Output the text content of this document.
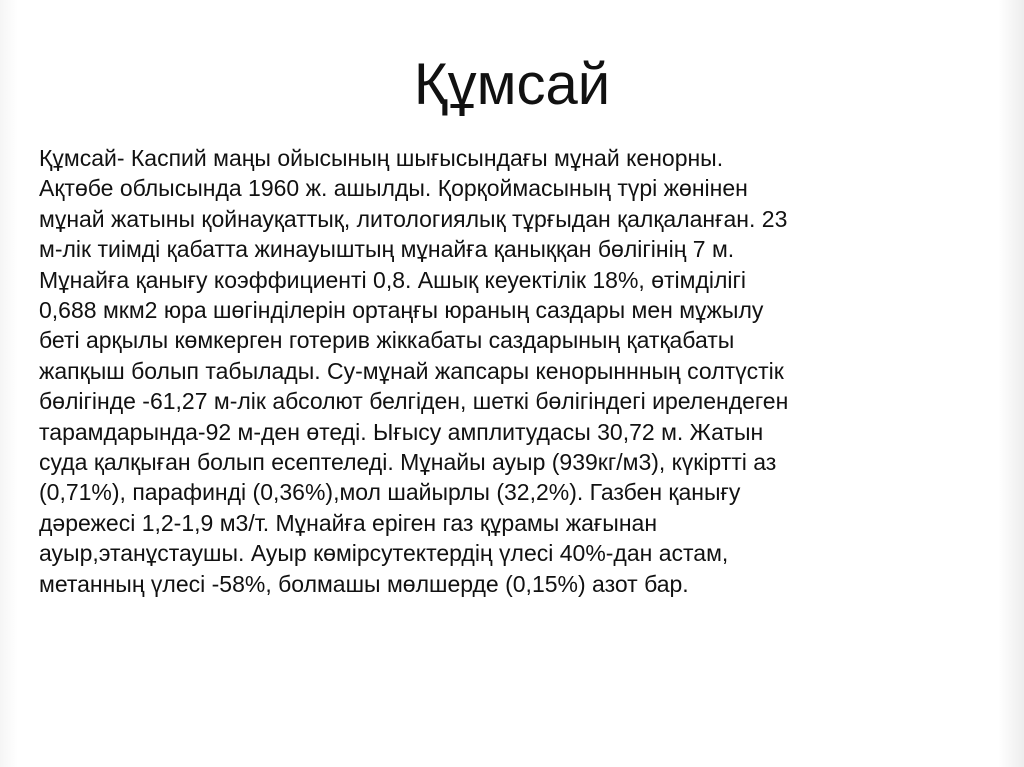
Құмсай
Құмсай- Каспий маңы ойысының шығысындағы мұнай кенорны.
Ақтөбе облысында 1960 ж. ашылды. Қорқоймасының түрі жөнінен
мұнай жатыны қойнауқаттық, литологиялық тұрғыдан қалқаланған. 23
м-лік тиімді қабатта жинауыштың мұнайға қаныққан бөлігінің 7 м.
Мұнайға қанығу коэффициенті 0,8. Ашық кеуектілік 18%, өтімділігі
0,688 мкм2 юра шөгінділерін ортаңғы юраның саздары мен мұжылу
беті арқылы көмкерген готерив жіккабаты саздарының қатқабаты
жапқыш болып табылады. Су-мұнай жапсары кенорыннның солтүстік
бөлігінде -61,27 м-лік абсолют белгіден, шеткі бөлігіндегі ирелендеген
тарамдарында-92 м-ден өтеді. Ығысу амплитудасы 30,72 м. Жатын
суда қалқыған болып есептеледі. Мұнайы ауыр (939кг/м3), күкіртті аз
(0,71%), парафинді (0,36%),мол шайырлы (32,2%). Газбен қанығу
дәрежесі 1,2-1,9 м3/т. Мұнайға еріген газ құрамы жағынан
ауыр,этанұстаушы. Ауыр көмірсутектердің үлесі 40%-дан астам,
метанның үлесі -58%, болмашы мөлшерде (0,15%) азот бар.
